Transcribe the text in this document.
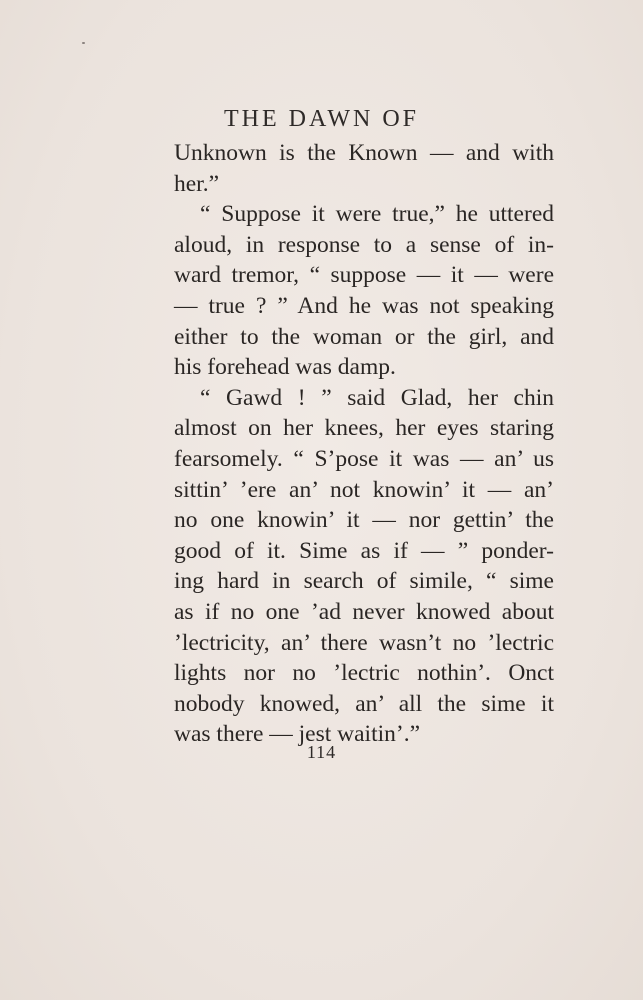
THE DAWN OF
Unknown is the Known — and with
her.”
“ Suppose it were true,” he uttered
aloud, in response to a sense of in-
ward tremor, “ suppose — it — were
— true ? ” And he was not speaking
either to the woman or the girl, and
his forehead was damp.
“ Gawd ! ” said Glad, her chin
almost on her knees, her eyes staring
fearsomely. “ S’pose it was — an’ us
sittin’ ’ere an’ not knowin’ it — an’
no one knowin’ it — nor gettin’ the
good of it. Sime as if — ” ponder-
ing hard in search of simile, “ sime
as if no one ’ad never knowed about
’lectricity, an’ there wasn’t no ’lectric
lights nor no ’lectric nothin’. Onct
nobody knowed, an’ all the sime it
was there — jest waitin’.”
114
